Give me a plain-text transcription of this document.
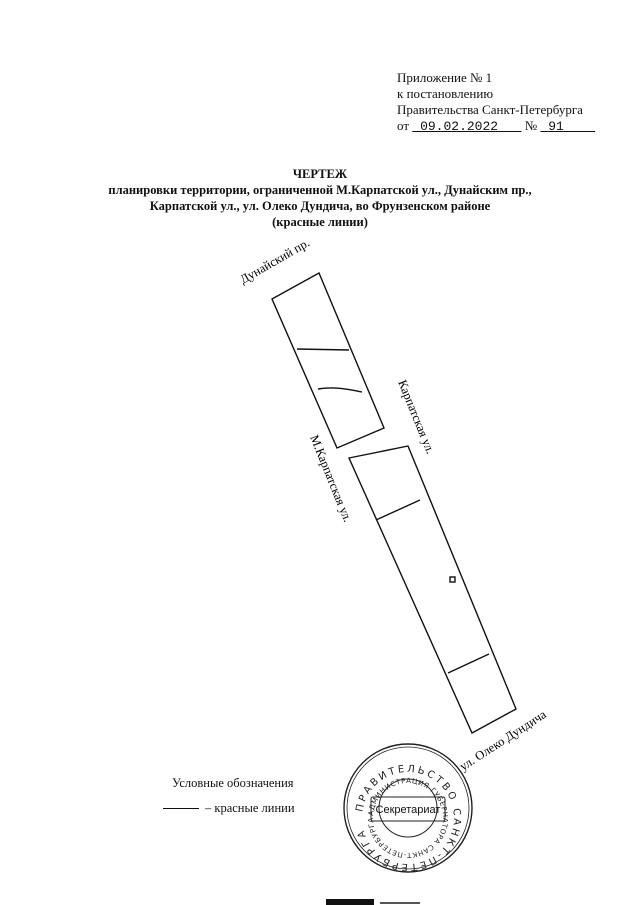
Приложение № 1
к постановлению
Правительства Санкт-Петербурга
от 09.02.2022 № 91
ЧЕРТЕЖ
планировки территории, ограниченной М.Карпатской ул., Дунайским пр.,
Карпатской ул., ул. Олеко Дундича, во Фрунзенском районе
(красные линии)
Дунайский пр.
Карпатская ул.
М.Карпатская ул.
ул. Олеко Дундича
ПРАВИТЕЛЬСТВО САНКТ-ПЕТЕРБУРГА
АДМИНИСТРАЦИЯ ГУБЕРНАТОРА САНКТ-ПЕТЕРБУРГА
Секретариат
Условные обозначения
– красные линии
